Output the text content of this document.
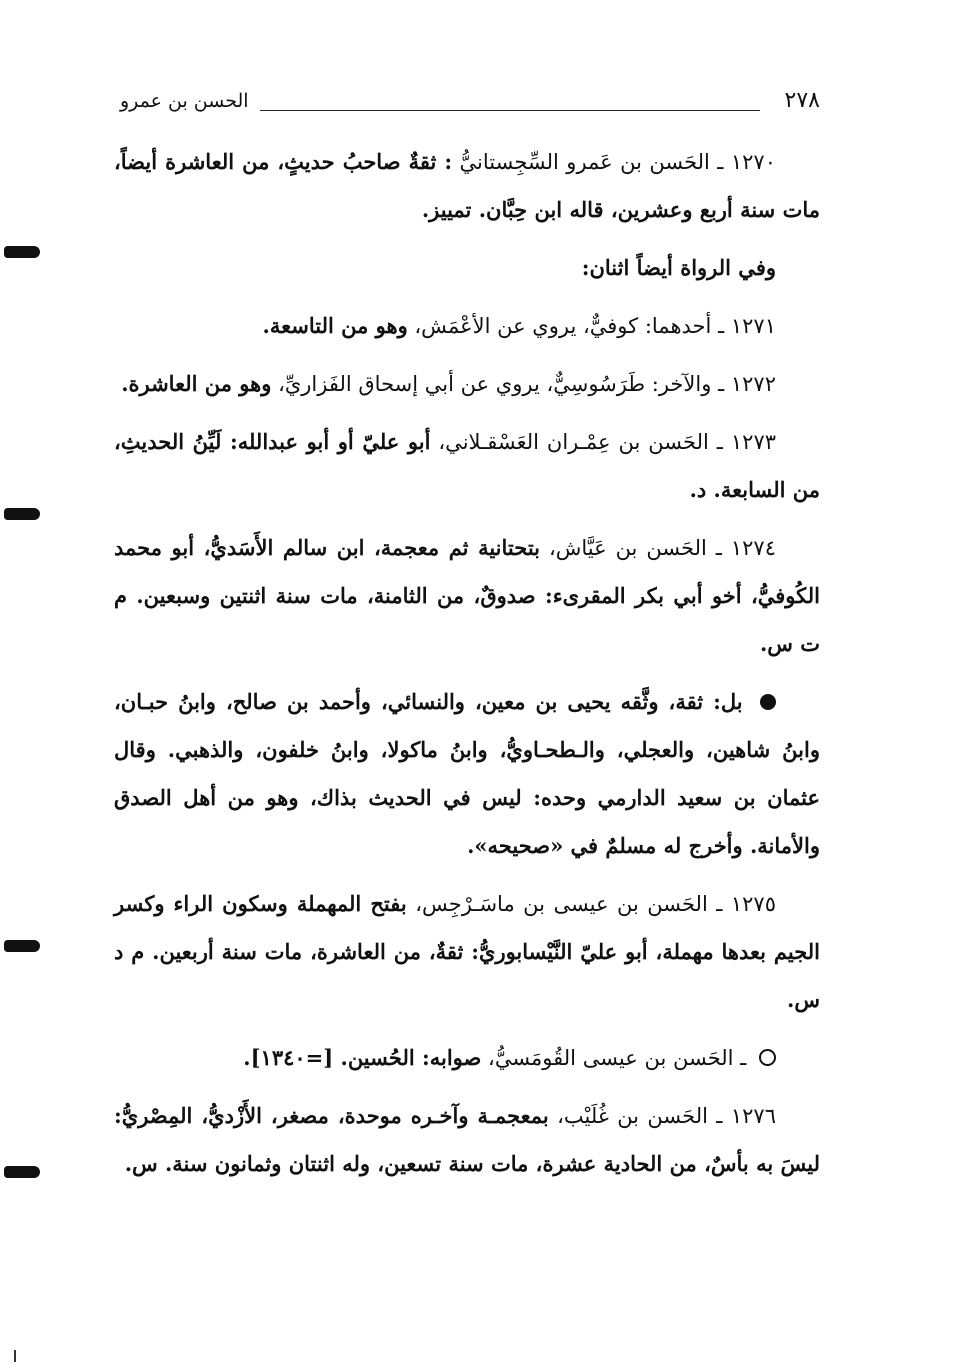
٢٧٨
الحسن بن عمرو

١٢٧٠ ـ الحَسن بن عَمرو السِّجِستانيُّ : ثقةٌ صاحبُ حديثٍ، من العاشرة أيضاً، مات سنة أربع وعشرين، قاله ابن حِبَّان. تمييز.

وفي الرواة أيضاً اثنان:

١٢٧١ ـ أحدهما: كوفيٌّ، يروي عن الأعْمَش، وهو من التاسعة.

١٢٧٢ ـ والآخر: طَرَسُوسِيٌّ، يروي عن أبي إسحاق الفَزاريِّ، وهو من العاشرة.

١٢٧٣ ـ الحَسن بن عِمْـران العَسْقـلاني، أبو عليّ أو أبو عبدالله: لَيِّنُ الحديثِ، من السابعة. د.

١٢٧٤ ـ الحَسن بن عَيَّاش، بتحتانية ثم معجمة، ابن سالم الأَسَديُّ، أبو محمد الكُوفيُّ، أخو أبي بكر المقرىء: صدوقٌ، من الثامنة، مات سنة اثنتين وسبعين. م ت س.

بل: ثقة، وثَّقه يحيى بن معين، والنسائي، وأحمد بن صالح، وابنُ حبـان، وابنُ شاهين، والعجلي، والـطحـاويُّ، وابنُ ماكولا، وابنُ خلفون، والذهبي. وقال عثمان بن سعيد الدارمي وحده: ليس في الحديث بذاك، وهو من أهل الصدق والأمانة. وأخرج له مسلمٌ في «صحيحه».

١٢٧٥ ـ الحَسن بن عيسى بن ماسَـرْجِس، بفتح المهملة وسكون الراء وكسر الجيم بعدها مهملة، أبو عليّ النَّيْسابوريُّ: ثقةٌ، من العاشرة، مات سنة أربعين. م د س.

ـ الحَسن بن عيسى القُومَسيُّ، صوابه: الحُسين. [=١٣٤٠].

١٢٧٦ ـ الحَسن بن غُلَيْب، بمعجمـة وآخـره موحدة، مصغر، الأَزْديُّ، المِصْريُّ: ليسَ به بأسٌ، من الحادية عشرة، مات سنة تسعين، وله اثنتان وثمانون سنة. س.
